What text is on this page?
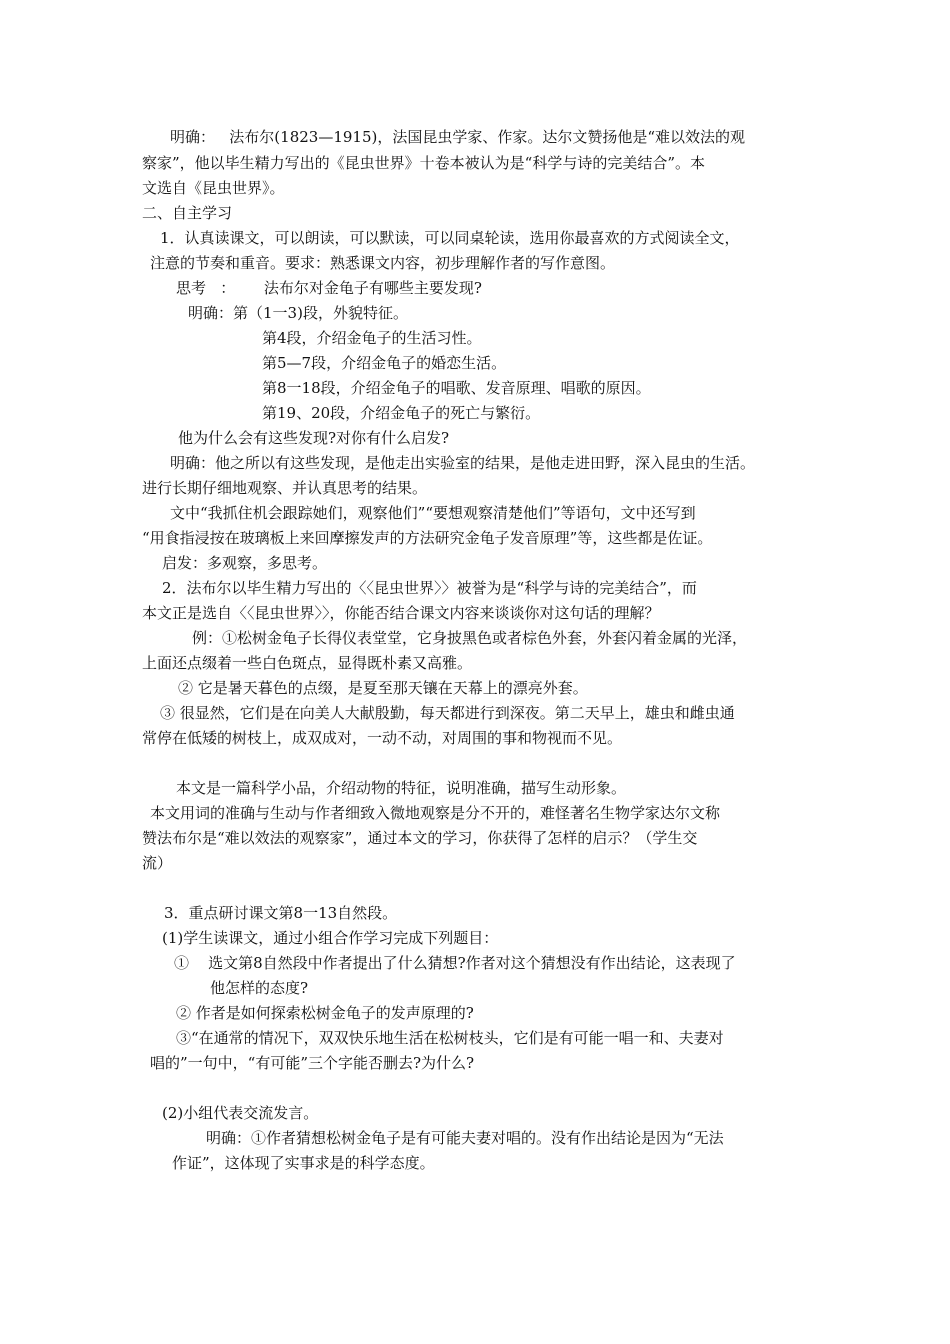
明确：   法布尔(1823—1915)，法国昆虫学家、作家。达尔文赞扬他是“难以效法的观
察家”，他以毕生精力写出的《昆虫世界》十卷本被认为是“科学与诗的完美结合”。本
文选自《昆虫世界》。
二、自主学习
1．认真读课文，可以朗读，可以默读，可以同桌轮读，选用你最喜欢的方式阅读全文，
注意的节奏和重音。要求：熟悉课文内容，初步理解作者的写作意图。
思考   ：      法布尔对金龟子有哪些主要发现?
明确：第（1一3)段，外貌特征。
第4段，介绍金龟子的生活习性。
第5—7段，介绍金龟子的婚恋生活。
第8一18段，介绍金龟子的唱歌、发音原理、唱歌的原因。
第19、20段，介绍金龟子的死亡与繁衍。
他为什么会有这些发现?对你有什么启发?
明确：他之所以有这些发现，是他走出实验室的结果，是他走进田野，深入昆虫的生活。
进行长期仔细地观察、并认真思考的结果。
文中“我抓住机会跟踪她们，观察他们”“要想观察清楚他们”等语句，文中还写到
“用食指浸按在玻璃板上来回摩擦发声的方法研究金龟子发音原理”等，这些都是佐证。
启发：多观察，多思考。
2．法布尔以毕生精力写出的〈〈昆虫世界〉〉被誉为是“科学与诗的完美结合”，而
本文正是选自〈〈昆虫世界〉〉，你能否结合课文内容来谈谈你对这句话的理解？
例：①松树金龟子长得仪表堂堂，它身披黑色或者棕色外套，外套闪着金属的光泽，
上面还点缀着一些白色斑点，显得既朴素又高雅。
② 它是暑天暮色的点缀，是夏至那天镶在天幕上的漂亮外套。
③ 很显然，它们是在向美人大献殷勤，每天都进行到深夜。第二天早上，雄虫和雌虫通
常停在低矮的树枝上，成双成对，一动不动，对周围的事和物视而不见。
本文是一篇科学小品，介绍动物的特征，说明准确，描写生动形象。
本文用词的准确与生动与作者细致入微地观察是分不开的，难怪著名生物学家达尔文称
赞法布尔是“难以效法的观察家”，通过本文的学习，你获得了怎样的启示？（学生交
流）
3．重点研讨课文第8一13自然段。
(1)学生读课文，通过小组合作学习完成下列题目：
①    选文第8自然段中作者提出了什么猜想?作者对这个猜想没有作出结论，这表现了
他怎样的态度?
② 作者是如何探索松树金龟子的发声原理的?
③“在通常的情况下，双双快乐地生活在松树枝头，它们是有可能一唱一和、夫妻对
唱的”一句中，“有可能”三个字能否删去?为什么?
(2)小组代表交流发言。
明确：①作者猜想松树金龟子是有可能夫妻对唱的。没有作出结论是因为“无法
作证”，这体现了实事求是的科学态度。
